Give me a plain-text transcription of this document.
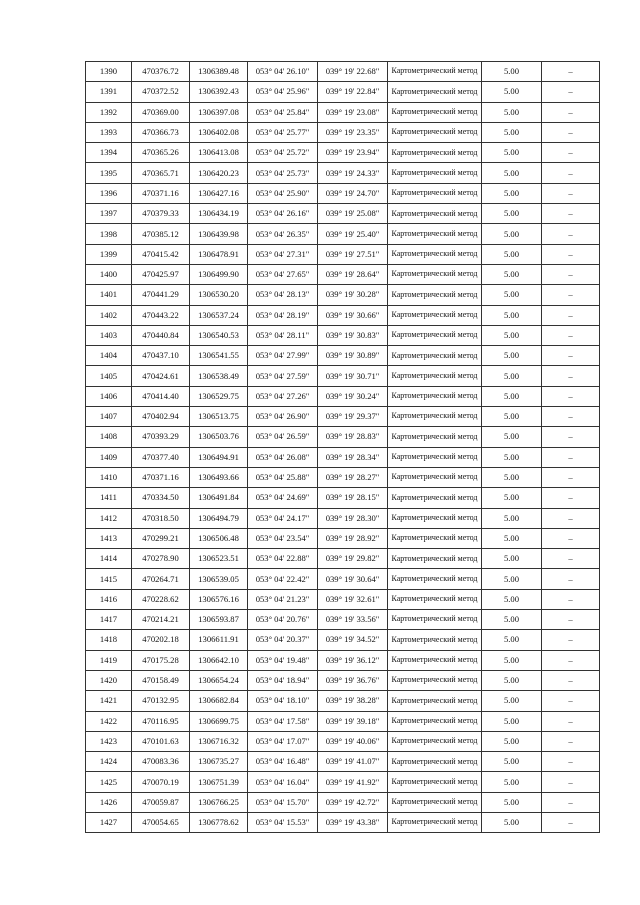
1390	470376.72	1306389.48	053° 04' 26.10"	039° 19' 22.68"	Картометрический метод	5.00	–
1391	470372.52	1306392.43	053° 04' 25.96"	039° 19' 22.84"	Картометрический метод	5.00	–
1392	470369.00	1306397.08	053° 04' 25.84"	039° 19' 23.08"	Картометрический метод	5.00	–
1393	470366.73	1306402.08	053° 04' 25.77"	039° 19' 23.35"	Картометрический метод	5.00	–
1394	470365.26	1306413.08	053° 04' 25.72"	039° 19' 23.94"	Картометрический метод	5.00	–
1395	470365.71	1306420.23	053° 04' 25.73"	039° 19' 24.33"	Картометрический метод	5.00	–
1396	470371.16	1306427.16	053° 04' 25.90"	039° 19' 24.70"	Картометрический метод	5.00	–
1397	470379.33	1306434.19	053° 04' 26.16"	039° 19' 25.08"	Картометрический метод	5.00	–
1398	470385.12	1306439.98	053° 04' 26.35"	039° 19' 25.40"	Картометрический метод	5.00	–
1399	470415.42	1306478.91	053° 04' 27.31"	039° 19' 27.51"	Картометрический метод	5.00	–
1400	470425.97	1306499.90	053° 04' 27.65"	039° 19' 28.64"	Картометрический метод	5.00	–
1401	470441.29	1306530.20	053° 04' 28.13"	039° 19' 30.28"	Картометрический метод	5.00	–
1402	470443.22	1306537.24	053° 04' 28.19"	039° 19' 30.66"	Картометрический метод	5.00	–
1403	470440.84	1306540.53	053° 04' 28.11"	039° 19' 30.83"	Картометрический метод	5.00	–
1404	470437.10	1306541.55	053° 04' 27.99"	039° 19' 30.89"	Картометрический метод	5.00	–
1405	470424.61	1306538.49	053° 04' 27.59"	039° 19' 30.71"	Картометрический метод	5.00	–
1406	470414.40	1306529.75	053° 04' 27.26"	039° 19' 30.24"	Картометрический метод	5.00	–
1407	470402.94	1306513.75	053° 04' 26.90"	039° 19' 29.37"	Картометрический метод	5.00	–
1408	470393.29	1306503.76	053° 04' 26.59"	039° 19' 28.83"	Картометрический метод	5.00	–
1409	470377.40	1306494.91	053° 04' 26.08"	039° 19' 28.34"	Картометрический метод	5.00	–
1410	470371.16	1306493.66	053° 04' 25.88"	039° 19' 28.27"	Картометрический метод	5.00	–
1411	470334.50	1306491.84	053° 04' 24.69"	039° 19' 28.15"	Картометрический метод	5.00	–
1412	470318.50	1306494.79	053° 04' 24.17"	039° 19' 28.30"	Картометрический метод	5.00	–
1413	470299.21	1306506.48	053° 04' 23.54"	039° 19' 28.92"	Картометрический метод	5.00	–
1414	470278.90	1306523.51	053° 04' 22.88"	039° 19' 29.82"	Картометрический метод	5.00	–
1415	470264.71	1306539.05	053° 04' 22.42"	039° 19' 30.64"	Картометрический метод	5.00	–
1416	470228.62	1306576.16	053° 04' 21.23"	039° 19' 32.61"	Картометрический метод	5.00	–
1417	470214.21	1306593.87	053° 04' 20.76"	039° 19' 33.56"	Картометрический метод	5.00	–
1418	470202.18	1306611.91	053° 04' 20.37"	039° 19' 34.52"	Картометрический метод	5.00	–
1419	470175.28	1306642.10	053° 04' 19.48"	039° 19' 36.12"	Картометрический метод	5.00	–
1420	470158.49	1306654.24	053° 04' 18.94"	039° 19' 36.76"	Картометрический метод	5.00	–
1421	470132.95	1306682.84	053° 04' 18.10"	039° 19' 38.28"	Картометрический метод	5.00	–
1422	470116.95	1306699.75	053° 04' 17.58"	039° 19' 39.18"	Картометрический метод	5.00	–
1423	470101.63	1306716.32	053° 04' 17.07"	039° 19' 40.06"	Картометрический метод	5.00	–
1424	470083.36	1306735.27	053° 04' 16.48"	039° 19' 41.07"	Картометрический метод	5.00	–
1425	470070.19	1306751.39	053° 04' 16.04"	039° 19' 41.92"	Картометрический метод	5.00	–
1426	470059.87	1306766.25	053° 04' 15.70"	039° 19' 42.72"	Картометрический метод	5.00	–
1427	470054.65	1306778.62	053° 04' 15.53"	039° 19' 43.38"	Картометрический метод	5.00	–
